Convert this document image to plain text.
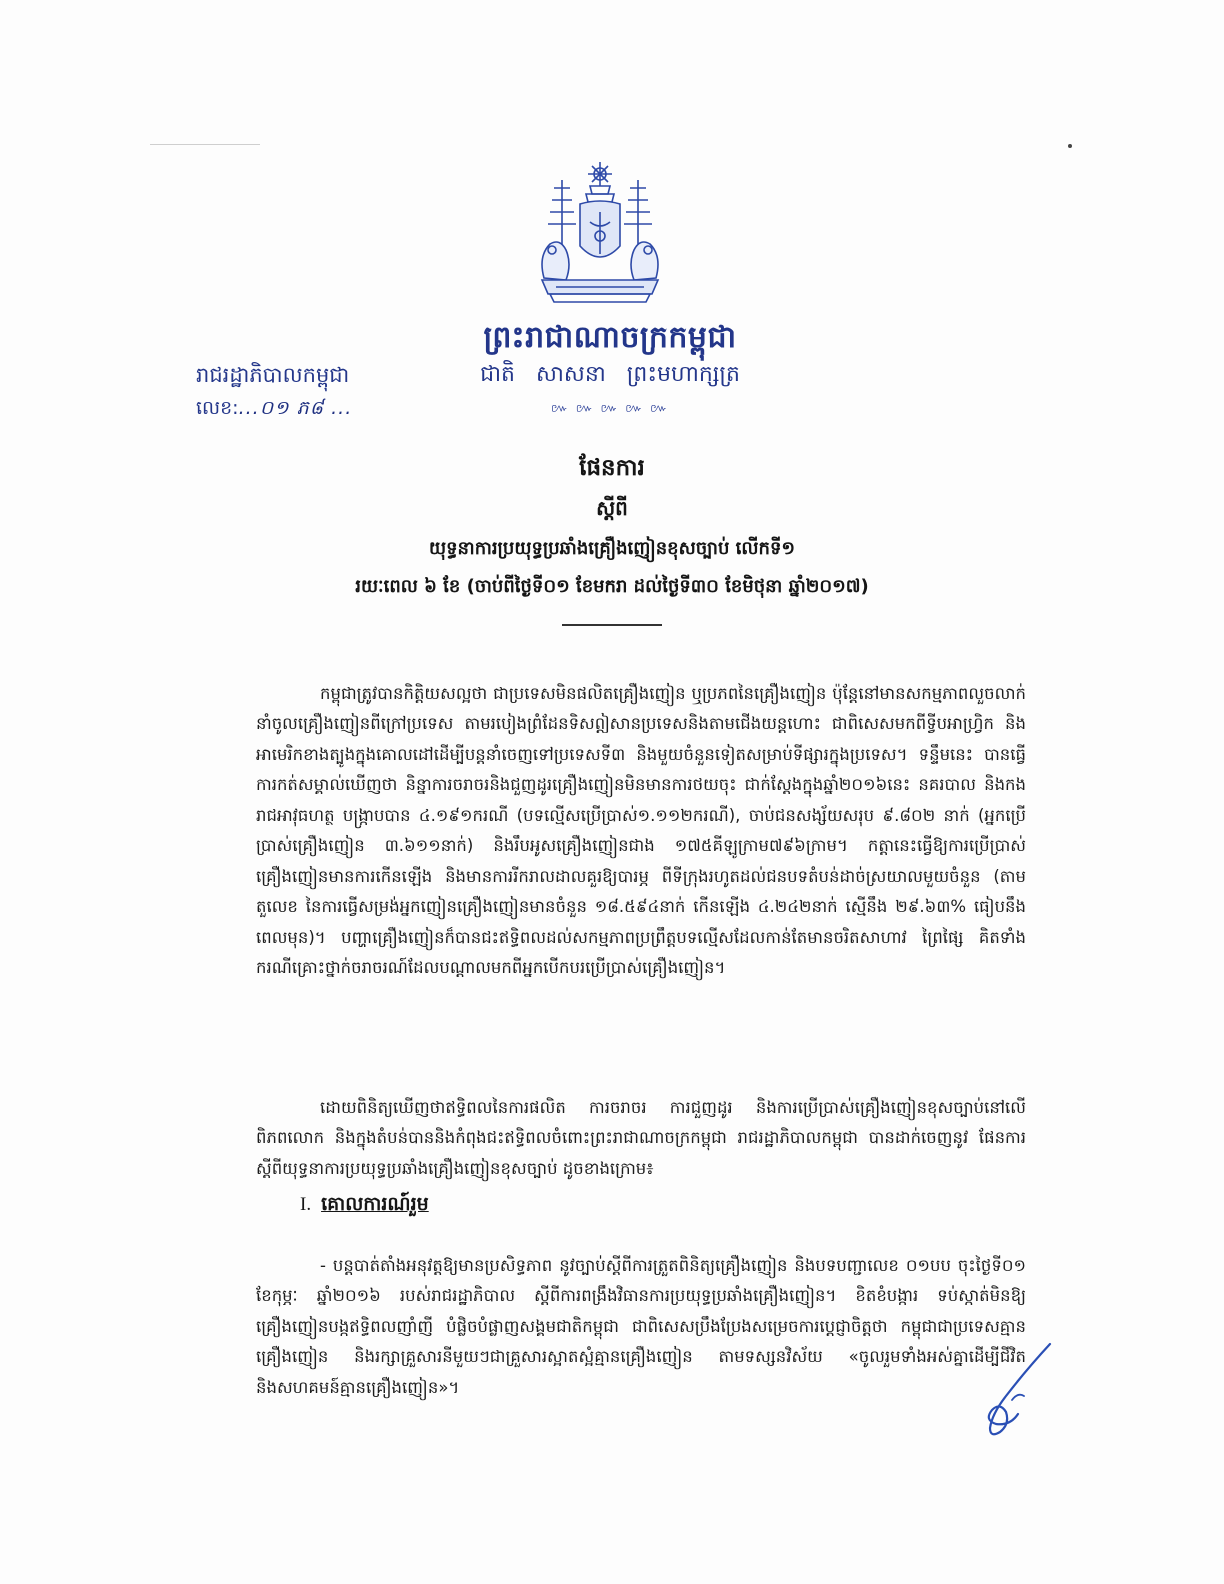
ព្រះរាជាណាចក្រកម្ពុជា
ជាតិ សាសនា ព្រះមហាក្សត្រ
៚ ៚ ៚ ៚ ៚
រាជរដ្ឋាភិបាលកម្ពុជា
លេខ:...០១ ភ៨ ...
ផែនការ
ស្ដីពី
យុទ្ធនាការប្រយុទ្ធប្រឆាំងគ្រឿងញៀនខុសច្បាប់ លើកទី១
រយៈពេល ៦ ខែ (ចាប់ពីថ្ងៃទី០១ ខែមករា ដល់ថ្ងៃទី៣០ ខែមិថុនា ឆ្នាំ២០១៧)

កម្ពុជាត្រូវបានកិត្តិយសល្អថា ជាប្រទេសមិនផលិតគ្រឿងញៀន ឬប្រភពនៃគ្រឿងញៀន ប៉ុន្តែនៅមានសកម្មភាពលួចលាក់នាំចូលគ្រឿងញៀនពីក្រៅប្រទេស តាមរបៀងព្រំដែនទិសឦសានប្រទេសនិងតាមជើងយន្តហោះ ជាពិសេសមកពីទ្វីបអាហ្វ្រិក និងអាមេរិកខាងត្បូងក្នុងគោលដៅដើម្បីបន្តនាំចេញទៅប្រទេសទី៣ និងមួយចំនួនទៀតសម្រាប់ទីផ្សារក្នុងប្រទេស។ ទន្ទឹមនេះ បានធ្វើការកត់សម្គាល់ឃើញថា និន្នាការចរាចរនិងជួញដូរគ្រឿងញៀនមិនមានការថយចុះ ជាក់ស្តែងក្នុងឆ្នាំ២០១៦នេះ នគរបាល និងកងរាជអាវុធហត្ថ បង្ក្រាបបាន ៤.១៩១ករណី (បទល្មើសប្រើប្រាស់១.១១២ករណី), ចាប់ជនសង្ស័យសរុប ៩.៨០២ នាក់ (អ្នកប្រើប្រាស់គ្រឿងញៀន ៣.៦១១នាក់) និងរឹបអូសគ្រឿងញៀនជាង ១៧៥គីឡូក្រាម៧៩៦ក្រាម។ កត្តានេះធ្វើឱ្យការប្រើប្រាស់គ្រឿងញៀនមានការកើនឡើង និងមានការរីករាលដាលគួរឱ្យបារម្ភ ពីទីក្រុងរហូតដល់ជនបទតំបន់ដាច់ស្រយាលមួយចំនួន (តាមតួលេខ នៃការធ្វើសម្រង់អ្នកញៀនគ្រឿងញៀនមានចំនួន ១៨.៥៩៤នាក់ កើនឡើង ៤.២៤២នាក់ ស្មើនឹង ២៩.៦៣% ធៀបនឹងពេលមុន)។ បញ្ហាគ្រឿងញៀនក៏បានជះឥទ្ធិពលដល់សកម្មភាពប្រព្រឹត្តបទល្មើសដែលកាន់តែមានចរិតសាហាវ ព្រៃផ្សៃ គិតទាំងករណីគ្រោះថ្នាក់ចរាចរណ៍ដែលបណ្តាលមកពីអ្នកបើកបរប្រើប្រាស់គ្រឿងញៀន។

ដោយពិនិត្យឃើញថាឥទ្ធិពលនៃការផលិត ការចរាចរ ការជួញដូរ និងការប្រើប្រាស់គ្រឿងញៀនខុសច្បាប់នៅលើពិភពលោក និងក្នុងតំបន់បាននិងកំពុងជះឥទ្ធិពលចំពោះព្រះរាជាណាចក្រកម្ពុជា រាជរដ្ឋាភិបាលកម្ពុជា បានដាក់ចេញនូវ ផែនការស្តីពីយុទ្ធនាការប្រយុទ្ធប្រឆាំងគ្រឿងញៀនខុសច្បាប់ ដូចខាងក្រោម៖

I. គោលការណ៍រួម

- បន្តបាត់តាំងអនុវត្តឱ្យមានប្រសិទ្ធភាព នូវច្បាប់ស្តីពីការត្រួតពិនិត្យគ្រឿងញៀន និងបទបញ្ជាលេខ ០១បប ចុះថ្ងៃទី០១ ខែកុម្ភៈ ឆ្នាំ២០១៦ របស់រាជរដ្ឋាភិបាល ស្តីពីការពង្រឹងវិធានការប្រយុទ្ធប្រឆាំងគ្រឿងញៀន។ ខិតខំបង្ការ ទប់ស្កាត់មិនឱ្យគ្រឿងញៀនបង្កឥទ្ធិពលញាំញី បំផ្លិចបំផ្លាញសង្គមជាតិកម្ពុជា ជាពិសេសប្រឹងប្រែងសម្រេចការប្តេជ្ញាចិត្តថា កម្ពុជាជាប្រទេសគ្មានគ្រឿងញៀន និងរក្សាគ្រួសារនីមួយៗជាគ្រួសារស្អាតស្អំគ្មានគ្រឿងញៀន តាមទស្សនវិស័យ «ចូលរួមទាំងអស់គ្នាដើម្បីជីវិត និងសហគមន៍គ្មានគ្រឿងញៀន»។
